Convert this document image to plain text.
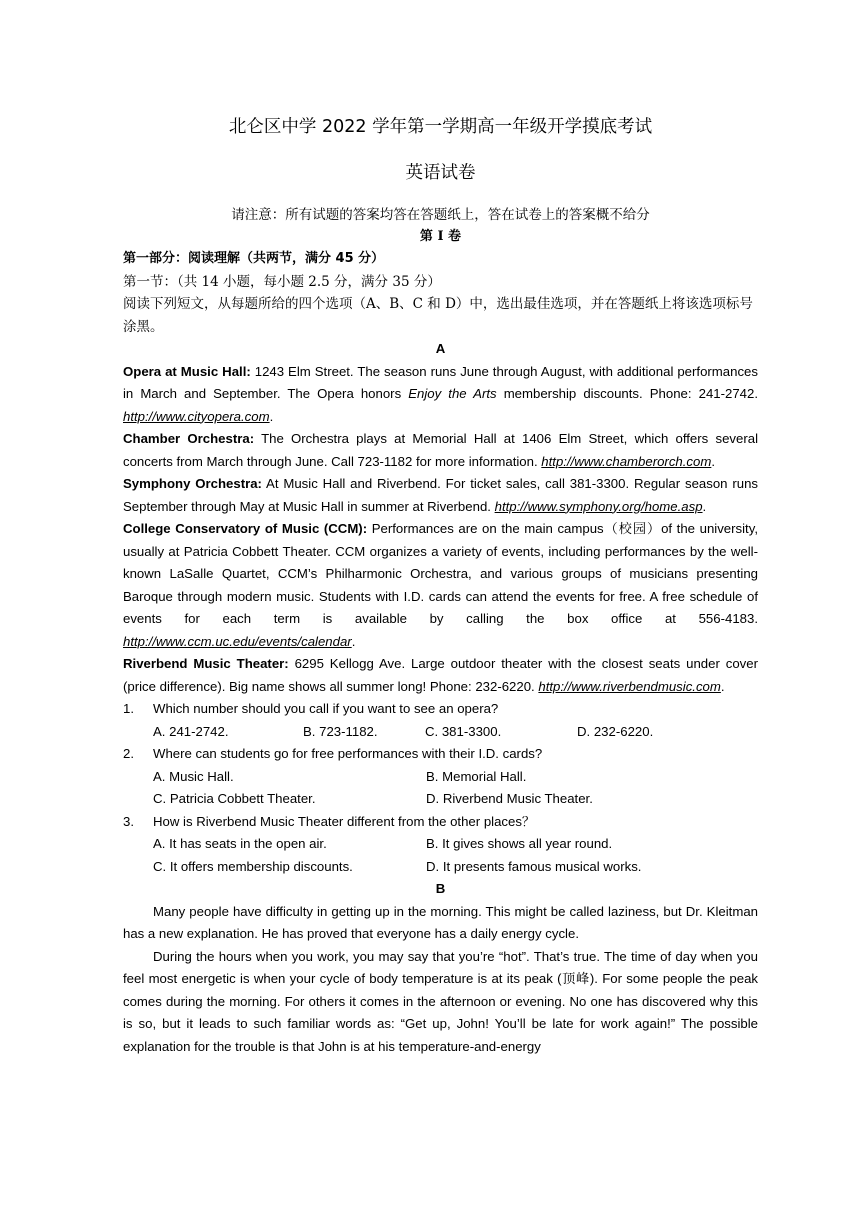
北仑区中学 2022 学年第一学期高一年级开学摸底考试
英语试卷
请注意：所有试题的答案均答在答题纸上，答在试卷上的答案概不给分
第 Ⅰ 卷
第一部分：阅读理解（共两节，满分 45 分）
第一节：（共 14 小题，每小题 2.5 分，满分 35 分）
阅读下列短文，从每题所给的四个选项（A、B、C 和 D）中，选出最佳选项，并在答题纸上将该选项标号涂黑。
A
Opera at Music Hall: 1243 Elm Street. The season runs June through August, with additional performances in March and September. The Opera honors Enjoy the Arts membership discounts. Phone: 241-2742. http://www.cityopera.com.
Chamber Orchestra: The Orchestra plays at Memorial Hall at 1406 Elm Street, which offers several concerts from March through June. Call 723-1182 for more information. http://www.chamberorch.com.
Symphony Orchestra: At Music Hall and Riverbend. For ticket sales, call 381-3300. Regular season runs September through May at Music Hall in summer at Riverbend. http://www.symphony.org/home.asp.
College Conservatory of Music (CCM): Performances are on the main campus（校园）of the university, usually at Patricia Cobbett Theater. CCM organizes a variety of events, including performances by the well-known LaSalle Quartet, CCM’s Philharmonic Orchestra, and various groups of musicians presenting Baroque through modern music. Students with I.D. cards can attend the events for free. A free schedule of events for each term is available by calling the box office at 556-4183. http://www.ccm.uc.edu/events/calendar.
Riverbend Music Theater: 6295 Kellogg Ave. Large outdoor theater with the closest seats under cover (price difference). Big name shows all summer long! Phone: 232-6220. http://www.riverbendmusic.com.
1.	Which number should you call if you want to see an opera?
A. 241-2742.	B. 723-1182.	C. 381-3300.	D. 232-6220.
2.	Where can students go for free performances with their I.D. cards?
A. Music Hall.	B. Memorial Hall.
C. Patricia Cobbett Theater.	D. Riverbend Music Theater.
3.	How is Riverbend Music Theater different from the other places？
A. It has seats in the open air.	B. It gives shows all year round.
C. It offers membership discounts.	D. It presents famous musical works.
B
Many people have difficulty in getting up in the morning. This might be called laziness, but Dr. Kleitman has a new explanation. He has proved that everyone has a daily energy cycle.
During the hours when you work, you may say that you’re “hot”. That’s true. The time of day when you feel most energetic is when your cycle of body temperature is at its peak (顶峰). For some people the peak comes during the morning. For others it comes in the afternoon or evening. No one has discovered why this is so, but it leads to such familiar words as: “Get up, John! You’ll be late for work again!” The possible explanation for the trouble is that John is at his temperature-and-energy
